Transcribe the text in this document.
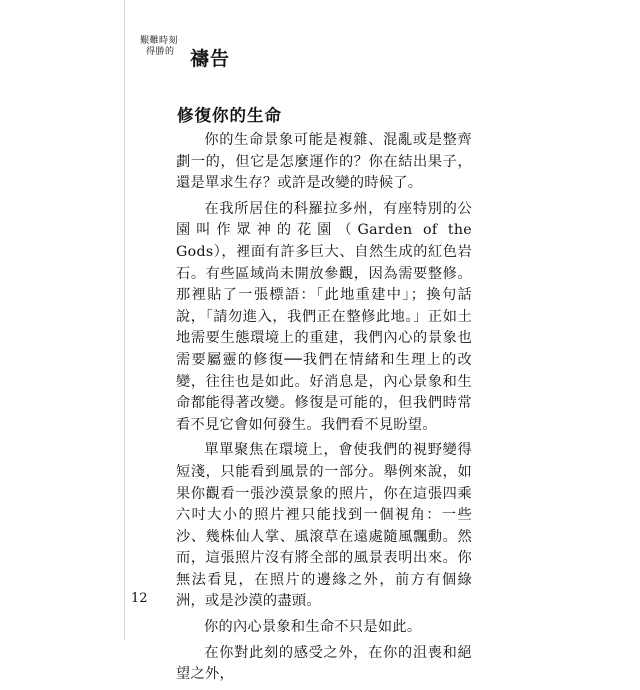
艱難時刻
得勝的 禱告
修復你的生命

你的生命景象可能是複雜、混亂或是整齊劃一的，但它是怎麼運作的？你在結出果子，還是單求生存？或許是改變的時候了。

在我所居住的科羅拉多州，有座特別的公園叫作眾神的花園（Garden of the Gods），裡面有許多巨大、自然生成的紅色岩石。有些區域尚未開放參觀，因為需要整修。那裡貼了一張標語：「此地重建中」；換句話說，「請勿進入，我們正在整修此地。」正如土地需要生態環境上的重建，我們內心的景象也需要屬靈的修復──我們在情緒和生理上的改變，往往也是如此。好消息是，內心景象和生命都能得著改變。修復是可能的，但我們時常看不見它會如何發生。我們看不見盼望。

單單聚焦在環境上，會使我們的視野變得短淺，只能看到風景的一部分。舉例來說，如果你觀看一張沙漠景象的照片，你在這張四乘六吋大小的照片裡只能找到一個視角：一些沙、幾株仙人掌、風滾草在遠處隨風飄動。然而，這張照片沒有將全部的風景表明出來。你無法看見，在照片的邊緣之外，前方有個綠洲，或是沙漠的盡頭。

你的內心景象和生命不只是如此。

在你對此刻的感受之外，在你的沮喪和絕望之外，

12
